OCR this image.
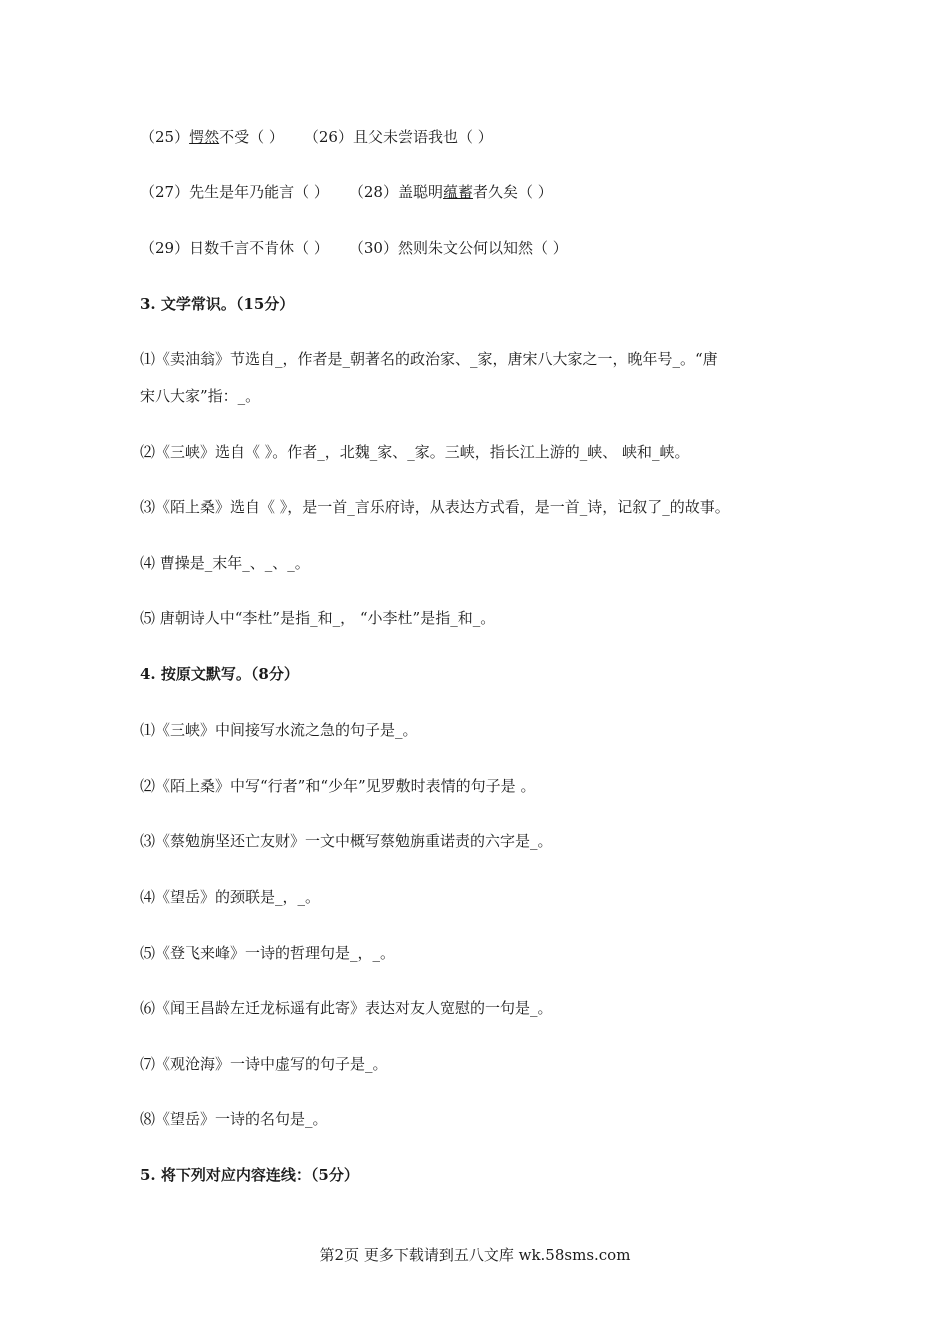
（25）愕然不受（ ） （26）且父未尝语我也（ ）
（27）先生是年乃能言（ ） （28）盖聪明蕴蓄者久矣（ ）
（29）日数千言不肯休（ ） （30）然则朱文公何以知然（ ）
3. 文学常识。（15分）
⑴《卖油翁》节选自_，作者是_朝著名的政治家、_家，唐宋八大家之一，晚年号_。“唐
宋八大家”指：_。
⑵《三峡》选自《 》。作者_，北魏_家、_家。三峡，指长江上游的_峡、 峡和_峡。
⑶《陌上桑》选自《 》，是一首_言乐府诗，从表达方式看，是一首_诗，记叙了_的故事。
⑷ 曹操是_末年_、_、_。
⑸ 唐朝诗人中“李杜”是指_和_， “小李杜”是指_和_。
4. 按原文默写。（8分）
⑴《三峡》中间接写水流之急的句子是_。
⑵《陌上桑》中写“行者”和“少年”见罗敷时表情的句子是 。
⑶《蔡勉旃坚还亡友财》一文中概写蔡勉旃重诺责的六字是_。
⑷《望岳》的颈联是_，_。
⑸《登飞来峰》一诗的哲理句是_，_。
⑹《闻王昌龄左迁龙标遥有此寄》表达对友人宽慰的一句是_。
⑺《观沧海》一诗中虚写的句子是_。
⑻《望岳》一诗的名句是_。
5. 将下列对应内容连线：（5分）
第2页 更多下载请到五八文库 wk.58sms.com
